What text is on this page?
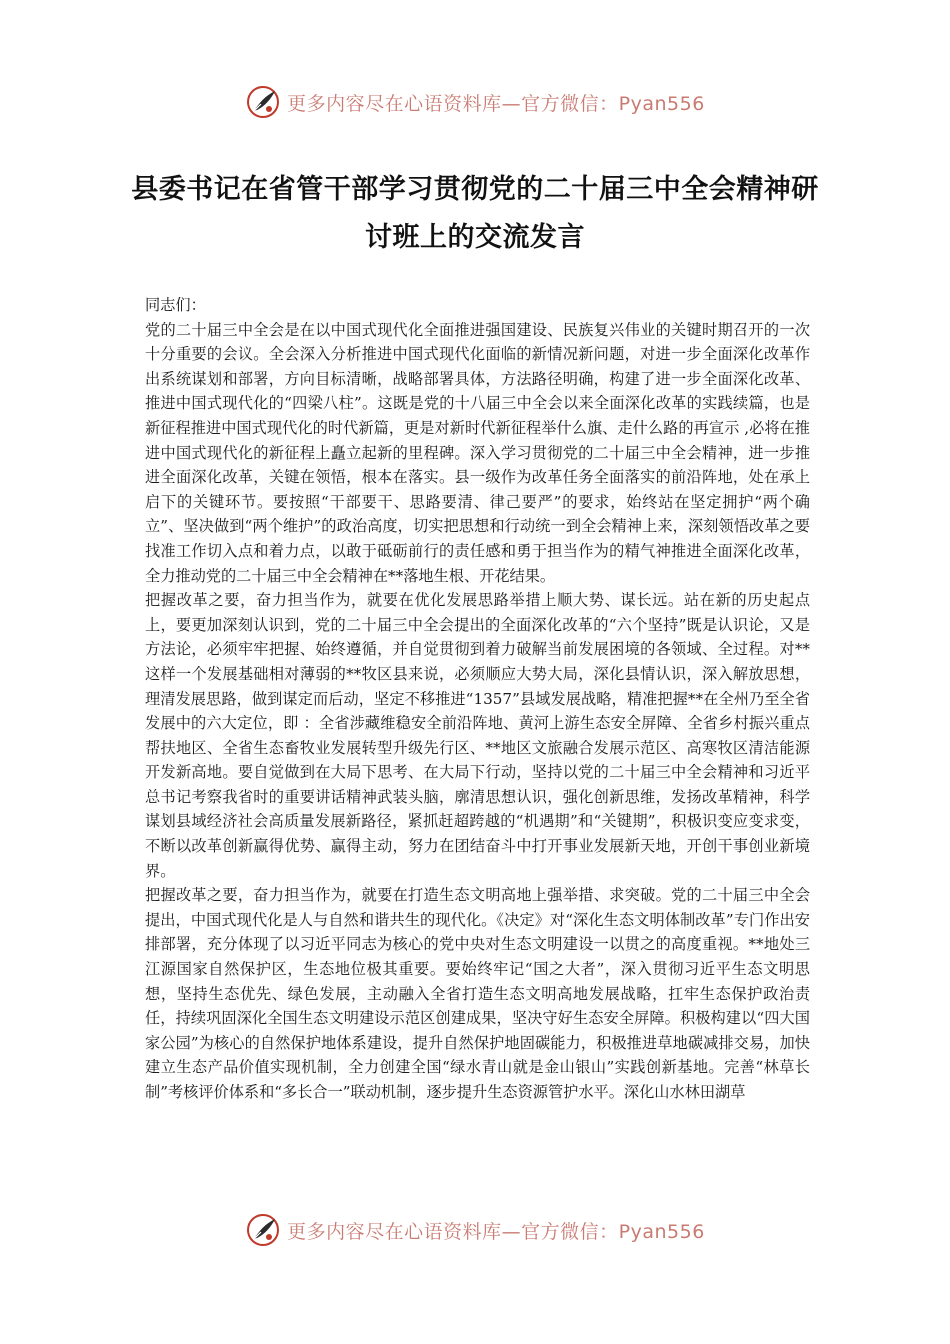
更多内容尽在心语资料库—官方微信：Pyan556
县委书记在省管干部学习贯彻党的二十届三中全会精神研讨班上的交流发言

同志们：

党的二十届三中全会是在以中国式现代化全面推进强国建设、民族复兴伟业的关键时期召开的一次十分重要的会议。全会深入分析推进中国式现代化面临的新情况新问题，对进一步全面深化改革作出系统谋划和部署，方向目标清晰，战略部署具体，方法路径明确，构建了进一步全面深化改革、推进中国式现代化的“四梁八柱”。这既是党的十八届三中全会以来全面深化改革的实践续篇，也是新征程推进中国式现代化的时代新篇，更是对新时代新征程举什么旗、走什么路的再宣示 ,必将在推进中国式现代化的新征程上矗立起新的里程碑。深入学习贯彻党的二十届三中全会精神，进一步推进全面深化改革，关键在领悟，根本在落实。县一级作为改革任务全面落实的前沿阵地，处在承上启下的关键环节。要按照“干部要干、思路要清、律己要严”的要求，始终站在坚定拥护“两个确立”、坚决做到“两个维护”的政治高度，切实把思想和行动统一到全会精神上来，深刻领悟改革之要找准工作切入点和着力点，以敢于砥砺前行的责任感和勇于担当作为的精气神推进全面深化改革，全力推动党的二十届三中全会精神在**落地生根、开花结果。

把握改革之要，奋力担当作为，就要在优化发展思路举措上顺大势、谋长远。站在新的历史起点上，要更加深刻认识到，党的二十届三中全会提出的全面深化改革的“六个坚持”既是认识论，又是方法论，必须牢牢把握、始终遵循，并自觉贯彻到着力破解当前发展困境的各领域、全过程。对**这样一个发展基础相对薄弱的**牧区县来说，必须顺应大势大局，深化县情认识，深入解放思想，理清发展思路，做到谋定而后动，坚定不移推进“1357”县域发展战略，精准把握**在全州乃至全省发展中的六大定位，即 ：全省涉藏维稳安全前沿阵地、黄河上游生态安全屏障、全省乡村振兴重点帮扶地区、全省生态畜牧业发展转型升级先行区、**地区文旅融合发展示范区、高寒牧区清洁能源开发新高地。要自觉做到在大局下思考、在大局下行动，坚持以党的二十届三中全会精神和习近平总书记考察我省时的重要讲话精神武装头脑，廓清思想认识，强化创新思维，发扬改革精神，科学谋划县域经济社会高质量发展新路径，紧抓赶超跨越的“机遇期”和“关键期”，积极识变应变求变，不断以改革创新赢得优势、赢得主动，努力在团结奋斗中打开事业发展新天地，开创干事创业新境界。

把握改革之要，奋力担当作为，就要在打造生态文明高地上强举措、求突破。党的二十届三中全会提出，中国式现代化是人与自然和谐共生的现代化。《决定》对“深化生态文明体制改革”专门作出安排部署，充分体现了以习近平同志为核心的党中央对生态文明建设一以贯之的高度重视。**地处三江源国家自然保护区，生态地位极其重要。要始终牢记“国之大者”，深入贯彻习近平生态文明思想，坚持生态优先、绿色发展，主动融入全省打造生态文明高地发展战略，扛牢生态保护政治责任，持续巩固深化全国生态文明建设示范区创建成果，坚决守好生态安全屏障。积极构建以“四大国家公园”为核心的自然保护地体系建设，提升自然保护地固碳能力，积极推进草地碳减排交易，加快建立生态产品价值实现机制，全力创建全国“绿水青山就是金山银山”实践创新基地。完善“林草长制”考核评价体系和“多长合一”联动机制，逐步提升生态资源管护水平。深化山水林田湖草

更多内容尽在心语资料库—官方微信：Pyan556
